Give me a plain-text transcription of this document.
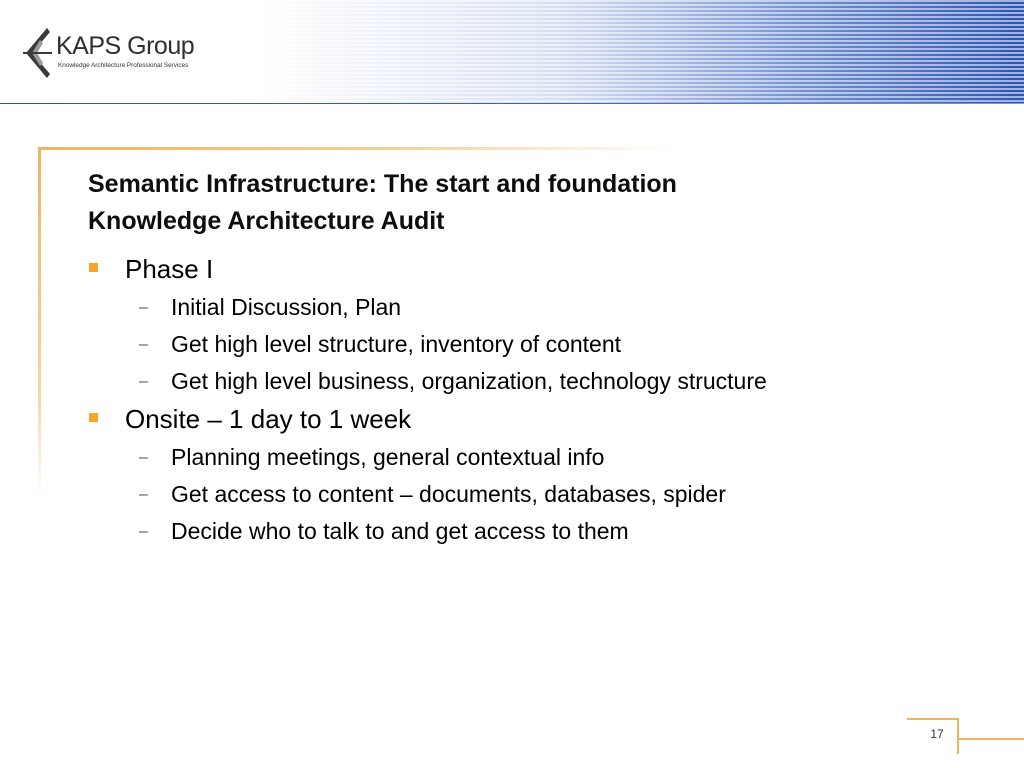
KAPS Group
Knowledge Architecture Professional Services
Semantic Infrastructure: The start and foundation
Knowledge Architecture Audit
Phase I
– Initial Discussion, Plan
– Get high level structure, inventory of content
– Get high level business, organization, technology structure
Onsite – 1 day to 1 week
– Planning meetings, general contextual info
– Get access to content – documents, databases, spider
– Decide who to talk to and get access to them
17
